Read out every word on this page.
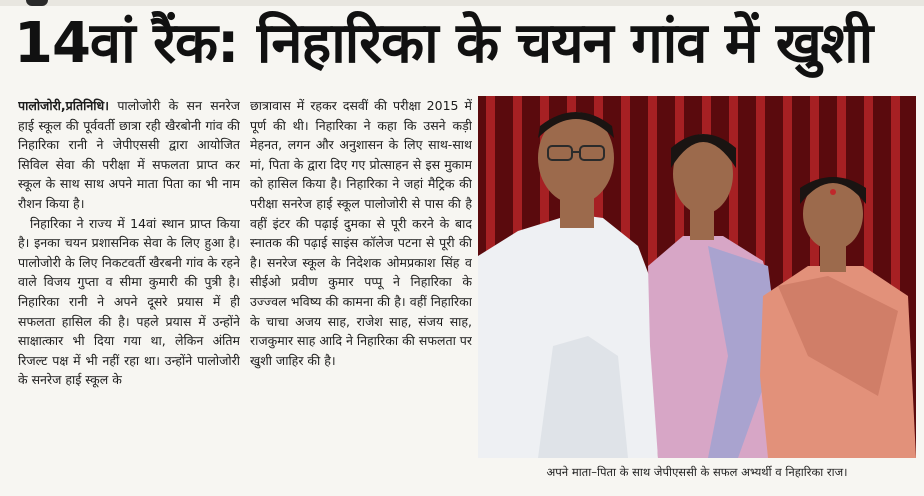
14वां रैंक: निहारिका के चयन गांव में खुशी

पालोजोरी,प्रतिनिधि। पालोजोरी के सन सनरेज हाई स्कूल की पूर्ववर्ती छात्रा रही खैरबोनी गांव की निहारिका रानी ने जेपीएससी द्वारा आयोजित सिविल सेवा की परीक्षा में सफलता प्राप्त कर स्कूल के साथ साथ अपने माता पिता का भी नाम रौशन किया है।

निहारिका ने राज्य में 14वां स्थान प्राप्त किया है। इनका चयन प्रशासनिक सेवा के लिए हुआ है। पालोजोरी के लिए निकटवर्ती खैरबनी गांव के रहने वाले विजय गुप्ता व सीमा कुमारी की पुत्री है। निहारिका रानी ने अपने दूसरे प्रयास में ही सफलता हासिल की है। पहले प्रयास में उन्होंने साक्षात्कार भी दिया गया था, लेकिन अंतिम रिजल्ट पक्ष में भी नहीं रहा था। उन्होंने पालोजोरी के सनरेज हाई स्कूल के

छात्रावास में रहकर दसवीं की परीक्षा 2015 में पूर्ण की थी। निहारिका ने कहा कि उसने कड़ी मेहनत, लगन और अनुशासन के लिए साथ-साथ मां, पिता के द्वारा दिए गए प्रोत्साहन से इस मुकाम को हासिल किया है। निहारिका ने जहां मैट्रिक की परीक्षा सनरेज हाई स्कूल पालोजोरी से पास की है वहीं इंटर की पढ़ाई दुमका से पूरी करने के बाद स्नातक की पढ़ाई साइंस कॉलेज पटना से पूरी की है। सनरेज स्कूल के निदेशक ओमप्रकाश सिंह व सीईओ प्रवीण कुमार पप्पू ने निहारिका के उज्ज्वल भविष्य की कामना की है। वहीं निहारिका के चाचा अजय साह, राजेश साह, संजय साह, राजकुमार साह आदि ने निहारिका की सफलता पर खुशी जाहिर की है।

अपने माता–पिता के साथ जेपीएससी के सफल अभ्यर्थी व निहारिका राज।
